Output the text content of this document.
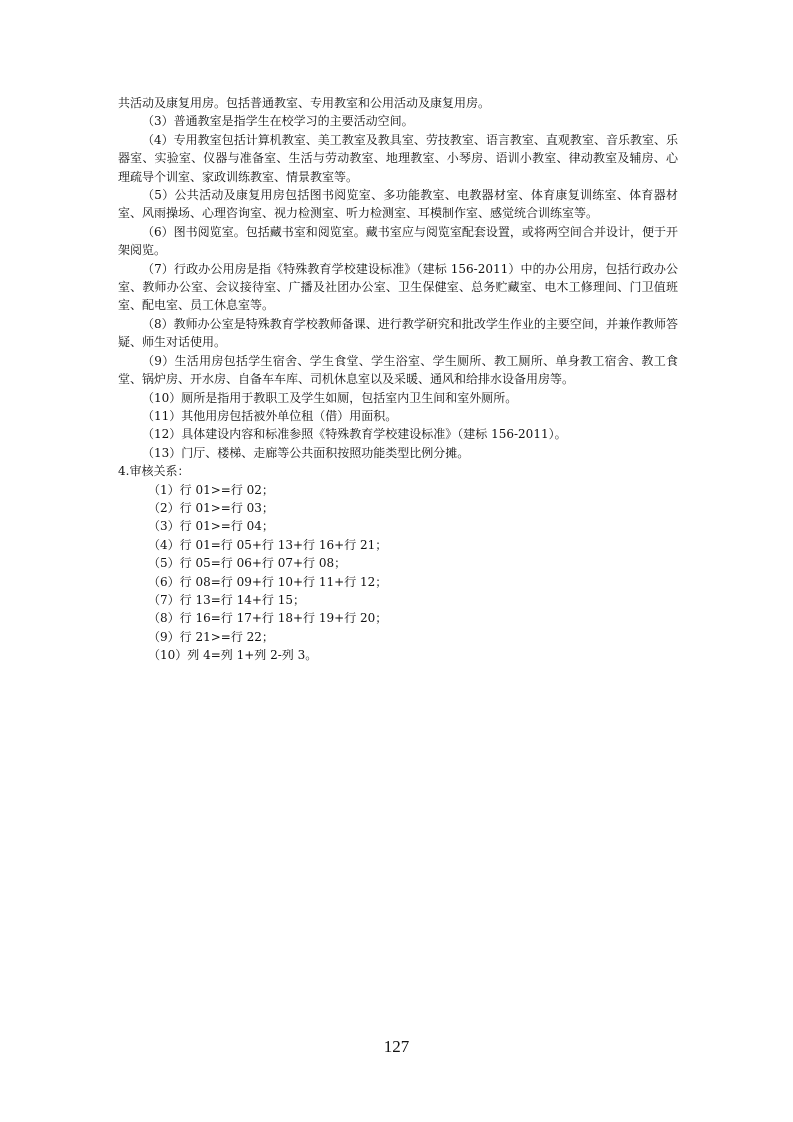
共活动及康复用房。包括普通教室、专用教室和公用活动及康复用房。

（3）普通教室是指学生在校学习的主要活动空间。

（4）专用教室包括计算机教室、美工教室及教具室、劳技教室、语言教室、直观教室、音乐教室、乐器室、实验室、仪器与准备室、生活与劳动教室、地理教室、小琴房、语训小教室、律动教室及辅房、心理疏导个训室、家政训练教室、情景教室等。

（5）公共活动及康复用房包括图书阅览室、多功能教室、电教器材室、体育康复训练室、体育器材室、风雨操场、心理咨询室、视力检测室、听力检测室、耳模制作室、感觉统合训练室等。

（6）图书阅览室。包括藏书室和阅览室。藏书室应与阅览室配套设置，或将两空间合并设计，便于开架阅览。

（7）行政办公用房是指《特殊教育学校建设标准》（建标 156-2011）中的办公用房，包括行政办公室、教师办公室、会议接待室、广播及社团办公室、卫生保健室、总务贮藏室、电木工修理间、门卫值班室、配电室、员工休息室等。

（8）教师办公室是特殊教育学校教师备课、进行教学研究和批改学生作业的主要空间，并兼作教师答疑、师生对话使用。

（9）生活用房包括学生宿舍、学生食堂、学生浴室、学生厕所、教工厕所、单身教工宿舍、教工食堂、锅炉房、开水房、自备车车库、司机休息室以及采暖、通风和给排水设备用房等。

（10）厕所是指用于教职工及学生如厕，包括室内卫生间和室外厕所。

（11）其他用房包括被外单位租（借）用面积。

（12）具体建设内容和标准参照《特殊教育学校建设标准》（建标 156-2011）。

（13）门厅、楼梯、走廊等公共面积按照功能类型比例分摊。

4.审核关系：

（1）行 01>=行 02；

（2）行 01>=行 03；

（3）行 01>=行 04；

（4）行 01=行 05+行 13+行 16+行 21；

（5）行 05=行 06+行 07+行 08；

（6）行 08=行 09+行 10+行 11+行 12；

（7）行 13=行 14+行 15；

（8）行 16=行 17+行 18+行 19+行 20；

（9）行 21>=行 22；

（10）列 4=列 1+列 2-列 3。

127
